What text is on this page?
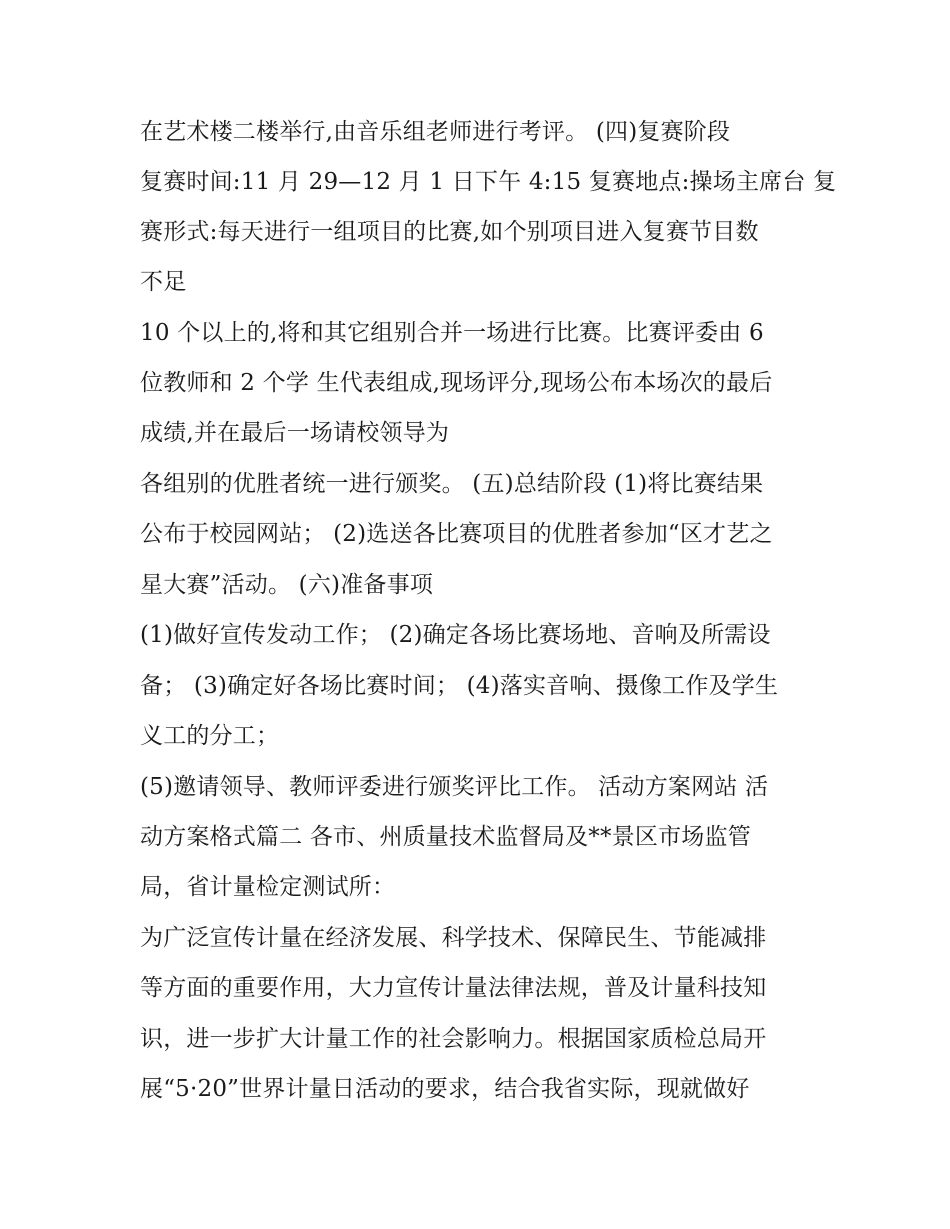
在艺术楼二楼举行,由音乐组老师进行考评。 (四)复赛阶段
复赛时间:11 月 29—12 月 1 日下午 4:15 复赛地点:操场主席台 复
赛形式:每天进行一组项目的比赛,如个别项目进入复赛节目数
不足
10 个以上的,将和其它组别合并一场进行比赛。比赛评委由 6
位教师和 2 个学 生代表组成,现场评分,现场公布本场次的最后
成绩,并在最后一场请校领导为
各组别的优胜者统一进行颁奖。 (五)总结阶段 (1)将比赛结果
公布于校园网站； (2)选送各比赛项目的优胜者参加“区才艺之
星大赛”活动。 (六)准备事项
(1)做好宣传发动工作； (2)确定各场比赛场地、音响及所需设
备； (3)确定好各场比赛时间； (4)落实音响、摄像工作及学生
义工的分工；
(5)邀请领导、教师评委进行颁奖评比工作。 活动方案网站 活
动方案格式篇二 各市、州质量技术监督局及**景区市场监管
局，省计量检定测试所：
为广泛宣传计量在经济发展、科学技术、保障民生、节能减排
等方面的重要作用，大力宣传计量法律法规，普及计量科技知
识，进一步扩大计量工作的社会影响力。根据国家质检总局开
展“5·20”世界计量日活动的要求，结合我省实际，现就做好
